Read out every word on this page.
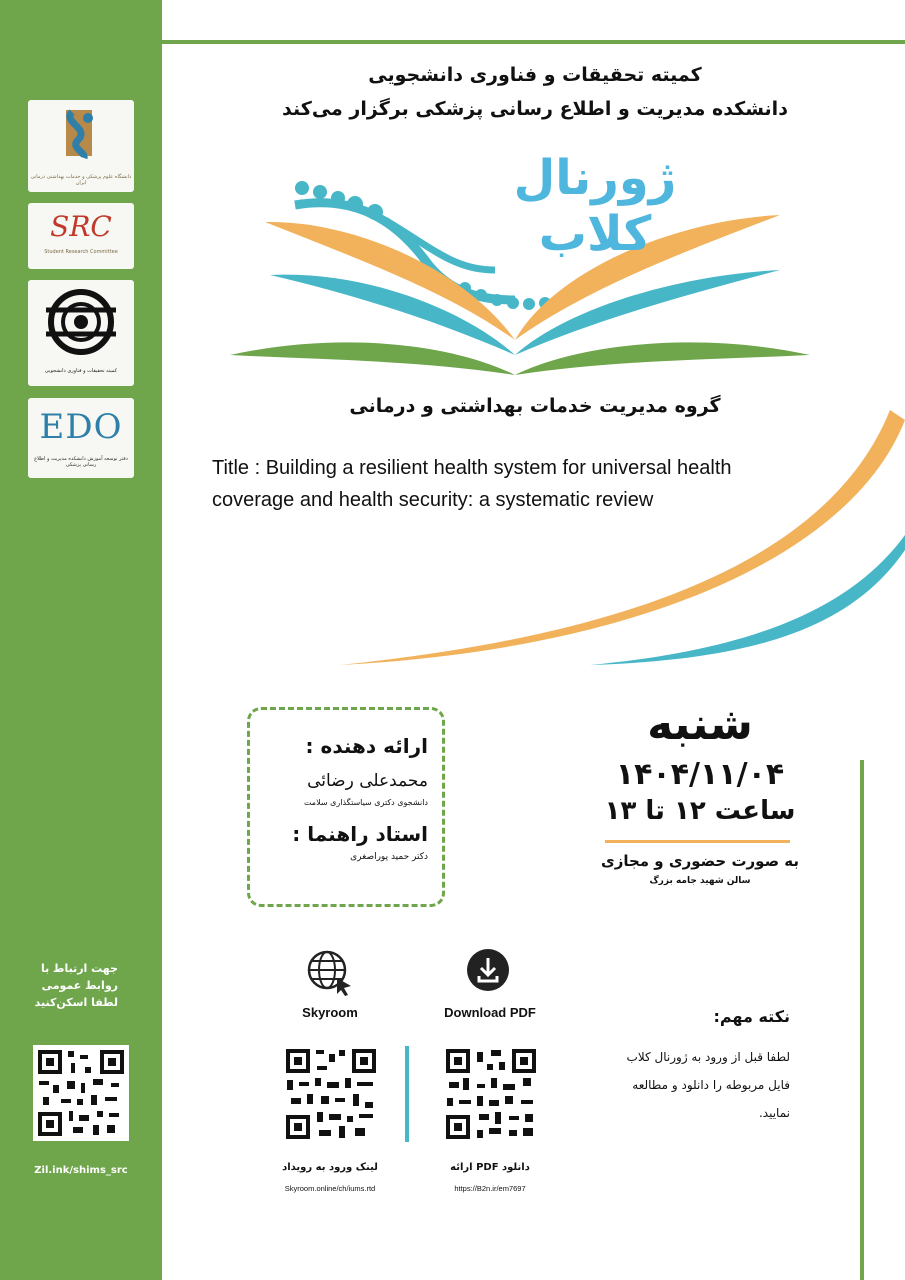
دانشگاه علوم پزشکی و خدمات بهداشتی درمانی ایران
SRC
Student Research Committee
کمیته تحقیقات و فناوری دانشجویی
EDO
دفتر توسعه آموزش دانشکده مدیریت و اطلاع رسانی پزشکی
جهت ارتباط با
روابط عمومی
لطفا اسکن‌کنید
Zil.ink/shims_src
کمیته تحقیقات و فناوری دانشجویی
دانشکده مدیریت و اطلاع رسانی پزشکی برگزار می‌کند
ژورنال کلاب
گروه مدیریت خدمات بهداشتی و درمانی
Title : Building a resilient health system for universal health
coverage and health security: a systematic review
ارائه دهنده :
محمدعلی رضائی
دانشجوی دکتری سیاستگذاری سلامت
استاد راهنما :
دکتر حمید پوراصغری
شنبه
۱۴۰۴/۱۱/۰۴
ساعت ۱۲ تا ۱۳
به صورت حضوری و مجازی
سالن شهید جامه بزرگ
Skyroom	Download PDF
لینک ورود به رویداد
Skyroom.online/ch/iums.rtd
دانلود PDF ارائه
https://B2n.ir/em7697
نکته مهم:
لطفا قبل از ورود به ژورنال کلاب
فایل مربوطه را دانلود و مطالعه
نمایید.
